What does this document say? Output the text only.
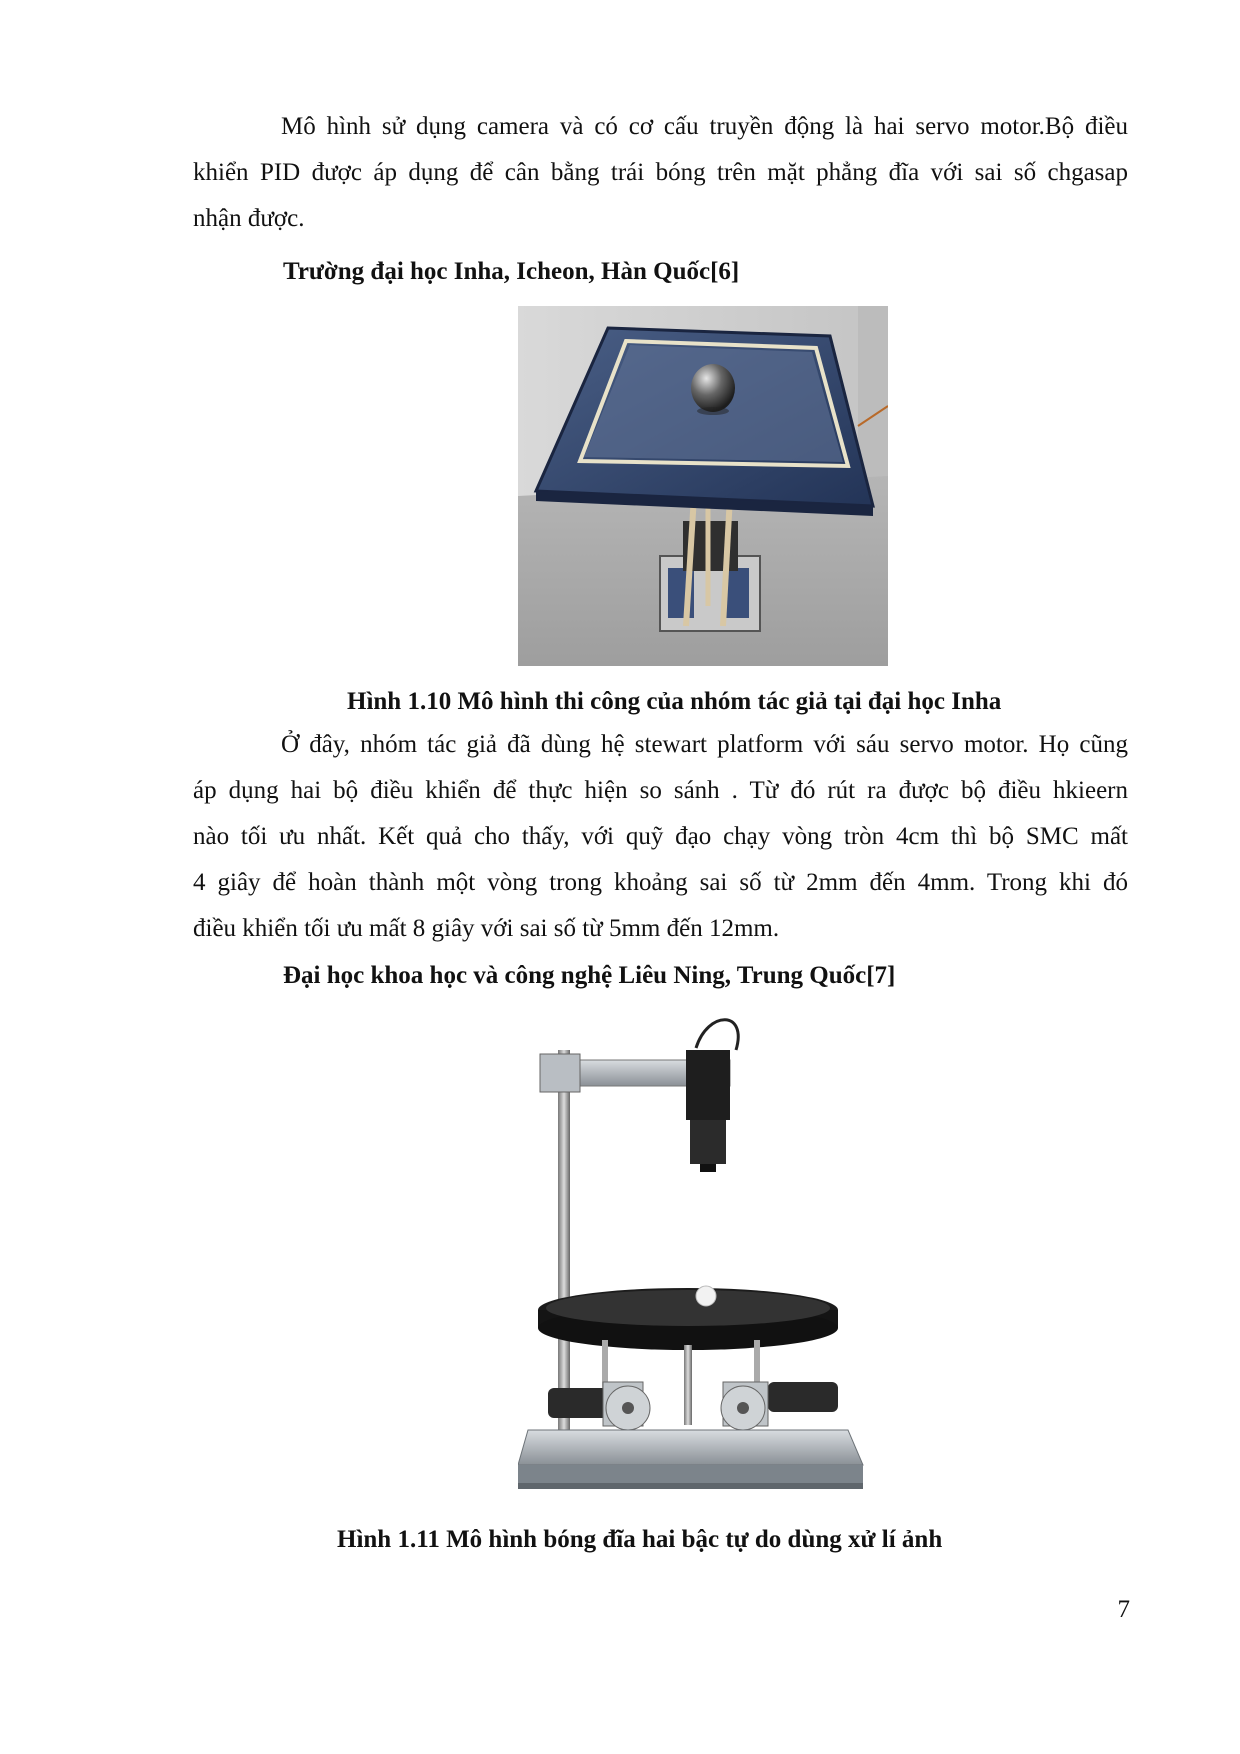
Mô hình sử dụng camera và có cơ cấu truyền động là hai servo motor.Bộ điều
khiển PID được áp dụng để cân bằng trái bóng trên mặt phẳng đĩa với sai số chgasap
nhận được.

Trường đại học Inha, Icheon, Hàn Quốc[6]

Hình 1.10 Mô hình thi công của nhóm tác giả tại đại học Inha

Ở đây, nhóm tác giả đã dùng hệ stewart platform với sáu servo motor. Họ cũng
áp dụng hai bộ điều khiển để thực hiện so sánh . Từ đó rút ra được bộ điều hkieern
nào tối ưu nhất. Kết quả cho thấy, với quỹ đạo chạy vòng tròn 4cm thì bộ SMC mất
4 giây để hoàn thành một vòng trong khoảng sai số từ 2mm đến 4mm. Trong khi đó
điều khiển tối ưu mất 8 giây với sai số từ 5mm đến 12mm.

Đại học khoa học và công nghệ Liêu Ning, Trung Quốc[7]

Hình 1.11 Mô hình bóng đĩa hai bậc tự do dùng xử lí ảnh

7
